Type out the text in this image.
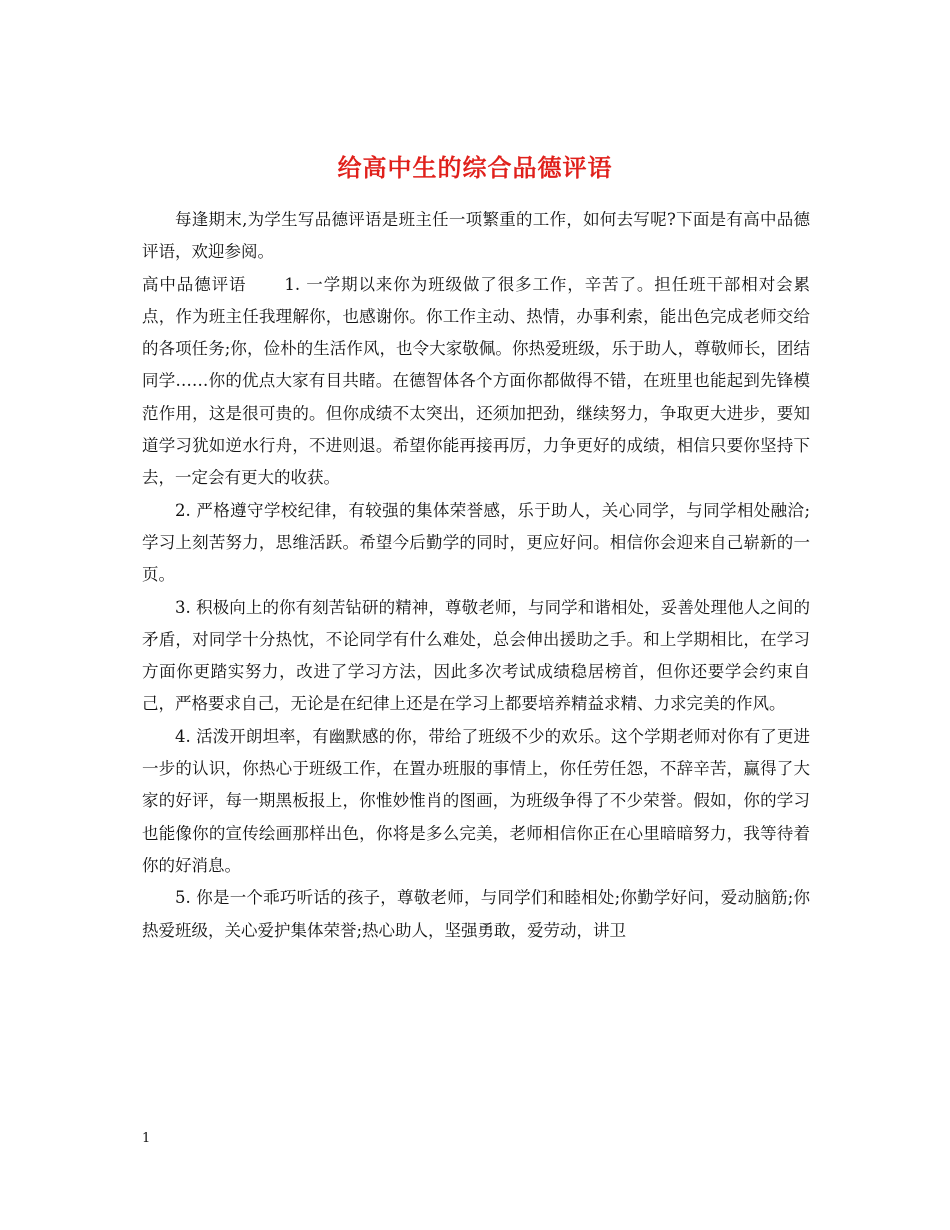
给高中生的综合品德评语

每逢期末,为学生写品德评语是班主任一项繁重的工作，如何去写呢?下面是有高中品德评语，欢迎参阅。

高中品德评语 1. 一学期以来你为班级做了很多工作，辛苦了。担任班干部相对会累点，作为班主任我理解你，也感谢你。你工作主动、热情，办事利索，能出色完成老师交给的各项任务;你，俭朴的生活作风，也令大家敬佩。你热爱班级，乐于助人，尊敬师长，团结同学……你的优点大家有目共睹。在德智体各个方面你都做得不错，在班里也能起到先锋模范作用，这是很可贵的。但你成绩不太突出，还须加把劲，继续努力，争取更大进步，要知道学习犹如逆水行舟，不进则退。希望你能再接再厉，力争更好的成绩，相信只要你坚持下去，一定会有更大的收获。

2. 严格遵守学校纪律，有较强的集体荣誉感，乐于助人，关心同学，与同学相处融洽;学习上刻苦努力，思维活跃。希望今后勤学的同时，更应好问。相信你会迎来自己崭新的一页。

3. 积极向上的你有刻苦钻研的精神，尊敬老师，与同学和谐相处，妥善处理他人之间的矛盾，对同学十分热忱，不论同学有什么难处，总会伸出援助之手。和上学期相比，在学习方面你更踏实努力，改进了学习方法，因此多次考试成绩稳居榜首，但你还要学会约束自己，严格要求自己，无论是在纪律上还是在学习上都要培养精益求精、力求完美的作风。

4. 活泼开朗坦率，有幽默感的你，带给了班级不少的欢乐。这个学期老师对你有了更进一步的认识，你热心于班级工作，在置办班服的事情上，你任劳任怨，不辞辛苦，赢得了大家的好评，每一期黑板报上，你惟妙惟肖的图画，为班级争得了不少荣誉。假如，你的学习也能像你的宣传绘画那样出色，你将是多么完美，老师相信你正在心里暗暗努力，我等待着你的好消息。

5. 你是一个乖巧听话的孩子，尊敬老师，与同学们和睦相处;你勤学好问，爱动脑筋;你热爱班级，关心爱护集体荣誉;热心助人，坚强勇敢，爱劳动，讲卫

1
